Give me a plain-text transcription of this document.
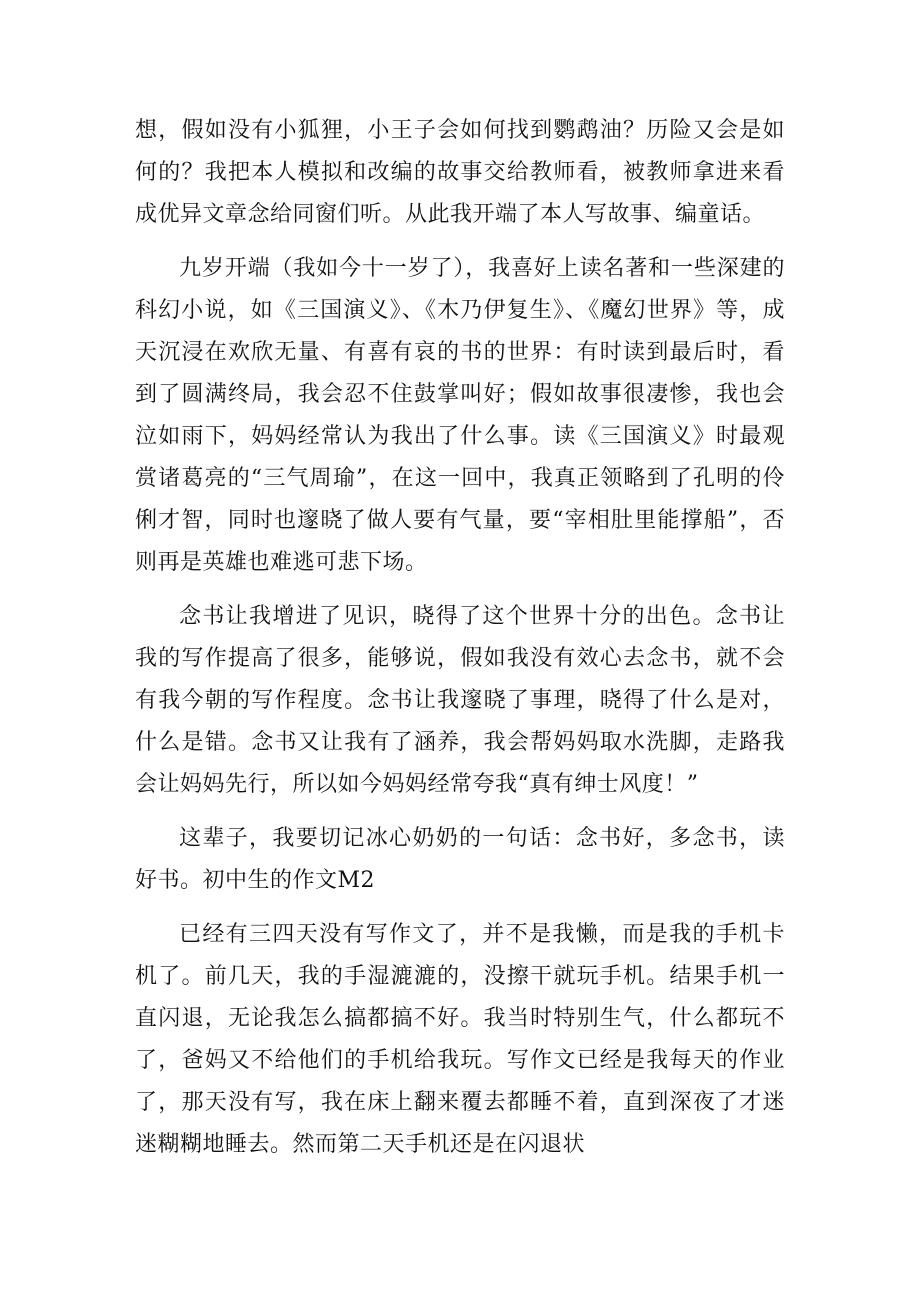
想，假如没有小狐狸，小王子会如何找到鹦鹉油？历险又会是如何的？我把本人模拟和改编的故事交给教师看，被教师拿进来看成优异文章念给同窗们听。从此我开端了本人写故事、编童话。

九岁开端（我如今十一岁了），我喜好上读名著和一些深建的科幻小说，如《三国演义》、《木乃伊复生》、《魔幻世界》等，成天沉浸在欢欣无量、有喜有哀的书的世界：有时读到最后时，看到了圆满终局，我会忍不住鼓掌叫好；假如故事很凄惨，我也会泣如雨下，妈妈经常认为我出了什么事。读《三国演义》时最观赏诸葛亮的“三气周瑜”，在这一回中，我真正领略到了孔明的伶俐才智，同时也邃晓了做人要有气量，要“宰相肚里能撑船”，否则再是英雄也难逃可悲下场。

念书让我增进了见识，晓得了这个世界十分的出色。念书让我的写作提高了很多，能够说，假如我没有效心去念书，就不会有我今朝的写作程度。念书让我邃晓了事理，晓得了什么是对，什么是错。念书又让我有了涵养，我会帮妈妈取水洗脚，走路我会让妈妈先行，所以如今妈妈经常夸我“真有绅士风度！”

这辈子，我要切记冰心奶奶的一句话：念书好，多念书，读好书。初中生的作文M2

已经有三四天没有写作文了，并不是我懒，而是我的手机卡机了。前几天，我的手湿漉漉的，没擦干就玩手机。结果手机一直闪退，无论我怎么搞都搞不好。我当时特别生气，什么都玩不了，爸妈又不给他们的手机给我玩。写作文已经是我每天的作业了，那天没有写，我在床上翻来覆去都睡不着，直到深夜了才迷迷糊糊地睡去。然而第二天手机还是在闪退状
